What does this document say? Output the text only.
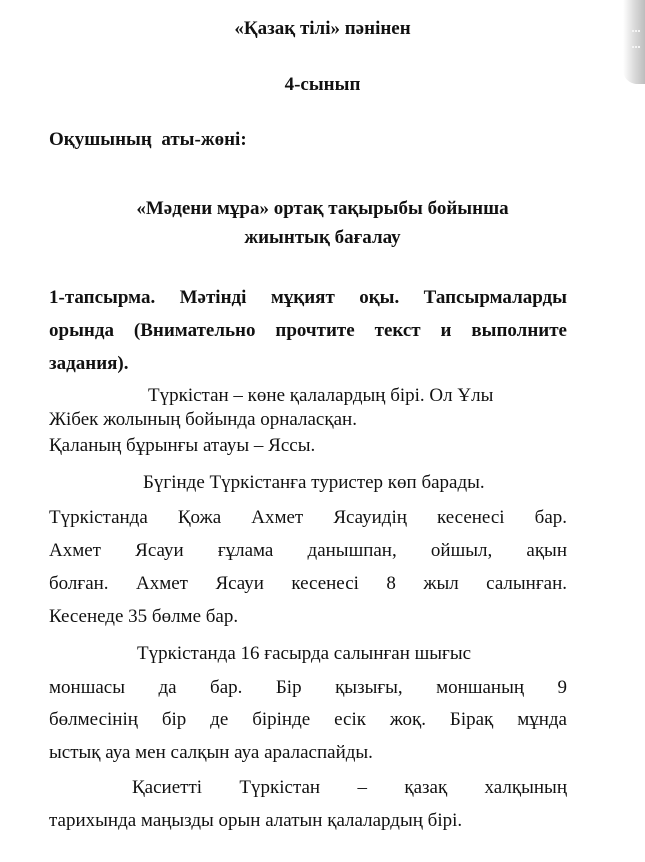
«Қазақ тілі» пәнінен
4-сынып
Оқушының  аты-жөні:
«Мәдени мұра» ортақ тақырыбы бойынша
жиынтық бағалау
1-тапсырма. Мәтінді мұқият оқы. Тапсырмаларды
орында (Внимательно прочтите текст и выполните
задания).
Түркістан – көне қалалардың бірі. Ол Ұлы
Жібек жолының бойында орналасқан.
Қаланың бұрынғы атауы – Яссы.
Бүгінде Түркістанға туристер көп барады.
Түркістанда Қожа Ахмет Ясауидің кесенесі бар.
Ахмет Ясауи ғұлама данышпан, ойшыл, ақын
болған. Ахмет Ясауи кесенесі 8 жыл салынған.
Кесенеде 35 бөлме бар.
Түркістанда 16 ғасырда салынған шығыс
моншасы да бар. Бір қызығы, моншаның 9
бөлмесінің бір де бірінде есік жоқ. Бірақ мұнда
ыстық ауа мен салқын ауа араласпайды.
Қасиетті Түркістан – қазақ халқының
тарихында маңызды орын алатын қалалардың бірі.
